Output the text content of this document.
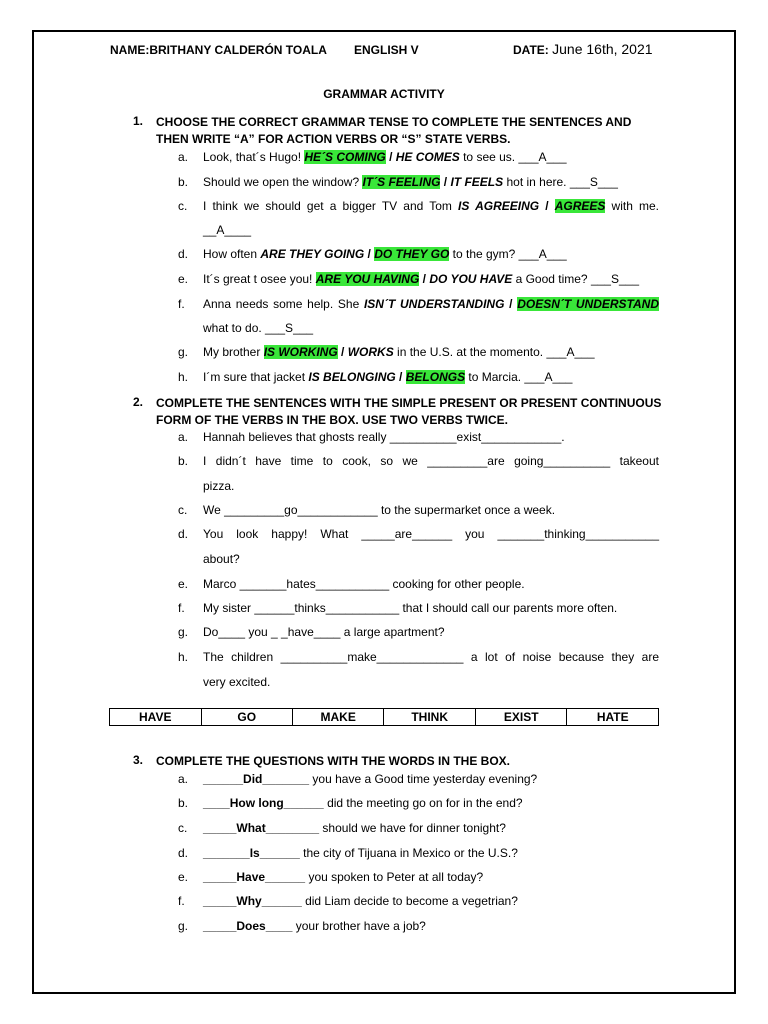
NAME:BRITHANY CALDERÓN TOALA ENGLISH V	DATE: June 16th, 2021
GRAMMAR ACTIVITY
1. CHOOSE THE CORRECT GRAMMAR TENSE TO COMPLETE THE SENTENCES AND THEN WRITE “A” FOR ACTION VERBS OR “S” STATE VERBS.
a. Look, that´s Hugo! HE´S COMING / HE COMES to see us. ___A___
b. Should we open the window? IT´S FEELING / IT FEELS hot in here. ___S___
c. I think we should get a bigger TV and Tom IS AGREEING / AGREES with me.
__A____
d. How often ARE THEY GOING / DO THEY GO to the gym? ___A___
e. It´s great t osee you! ARE YOU HAVING / DO YOU HAVE a Good time? ___S___
f. Anna needs some help. She ISN´T UNDERSTANDING / DOESN´T UNDERSTAND
what to do. ___S___
g. My brother IS WORKING / WORKS in the U.S. at the momento. ___A___
h. I´m sure that jacket IS BELONGING / BELONGS to Marcia. ___A___
2. COMPLETE THE SENTENCES WITH THE SIMPLE PRESENT OR PRESENT CONTINUOUS FORM OF THE VERBS IN THE BOX. USE TWO VERBS TWICE.
a. Hannah believes that ghosts really __________exist____________.
b. I didn´t have time to cook, so we _________are going__________ takeout
pizza.
c. We _________go____________ to the supermarket once a week.
d. You look happy! What _____are______ you _______thinking___________
about?
e. Marco _______hates___________ cooking for other people.
f. My sister ______thinks___________ that I should call our parents more often.
g. Do____ you _ _have____ a large apartment?
h. The children __________make_____________ a lot of noise because they are
very excited.
HAVE	GO	MAKE	THINK	EXIST	HATE
3. COMPLETE THE QUESTIONS WITH THE WORDS IN THE BOX.
a. ______Did_______ you have a Good time yesterday evening?
b. ____How long______ did the meeting go on for in the end?
c. _____What________ should we have for dinner tonight?
d. _______Is______ the city of Tijuana in Mexico or the U.S.?
e. _____Have______ you spoken to Peter at all today?
f. _____Why______ did Liam decide to become a vegetrian?
g. _____Does____ your brother have a job?
